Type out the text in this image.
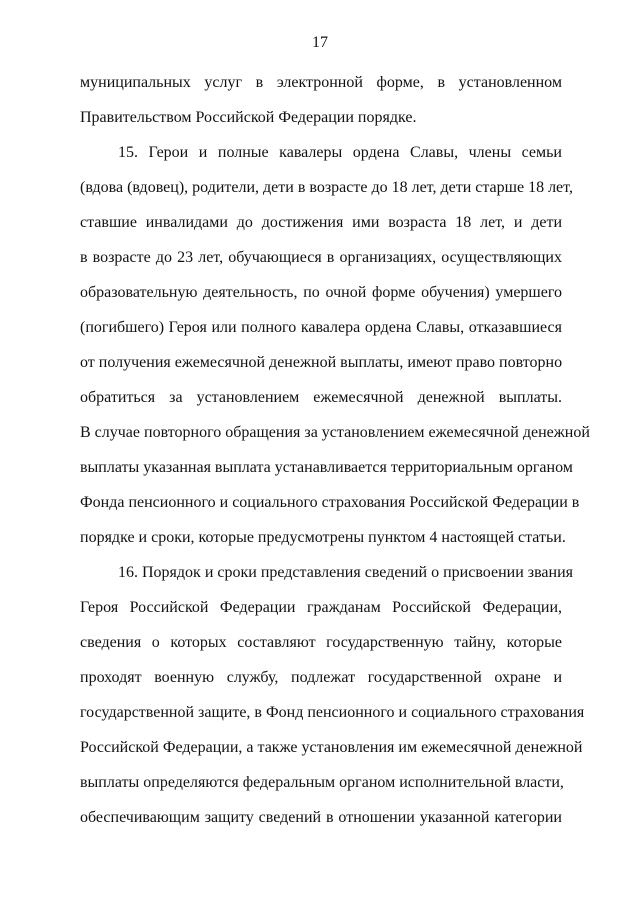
17
муниципальных услуг в электронной форме, в установленном
Правительством Российской Федерации порядке.
15. Герои и полные кавалеры ордена Славы, члены семьи
(вдова (вдовец), родители, дети в возрасте до 18 лет, дети старше 18 лет,
ставшие инвалидами до достижения ими возраста 18 лет, и дети
в возрасте до 23 лет, обучающиеся в организациях, осуществляющих
образовательную деятельность, по очной форме обучения) умершего
(погибшего) Героя или полного кавалера ордена Славы, отказавшиеся
от получения ежемесячной денежной выплаты, имеют право повторно
обратиться за установлением ежемесячной денежной выплаты.
В случае повторного обращения за установлением ежемесячной денежной
выплаты указанная выплата устанавливается территориальным органом
Фонда пенсионного и социального страхования Российской Федерации в
порядке и сроки, которые предусмотрены пунктом 4 настоящей статьи.
16. Порядок и сроки представления сведений о присвоении звания
Героя Российской Федерации гражданам Российской Федерации,
сведения о которых составляют государственную тайну, которые
проходят военную службу, подлежат государственной охране и
государственной защите, в Фонд пенсионного и социального страхования
Российской Федерации, а также установления им ежемесячной денежной
выплаты определяются федеральным органом исполнительной власти,
обеспечивающим защиту сведений в отношении указанной категории
